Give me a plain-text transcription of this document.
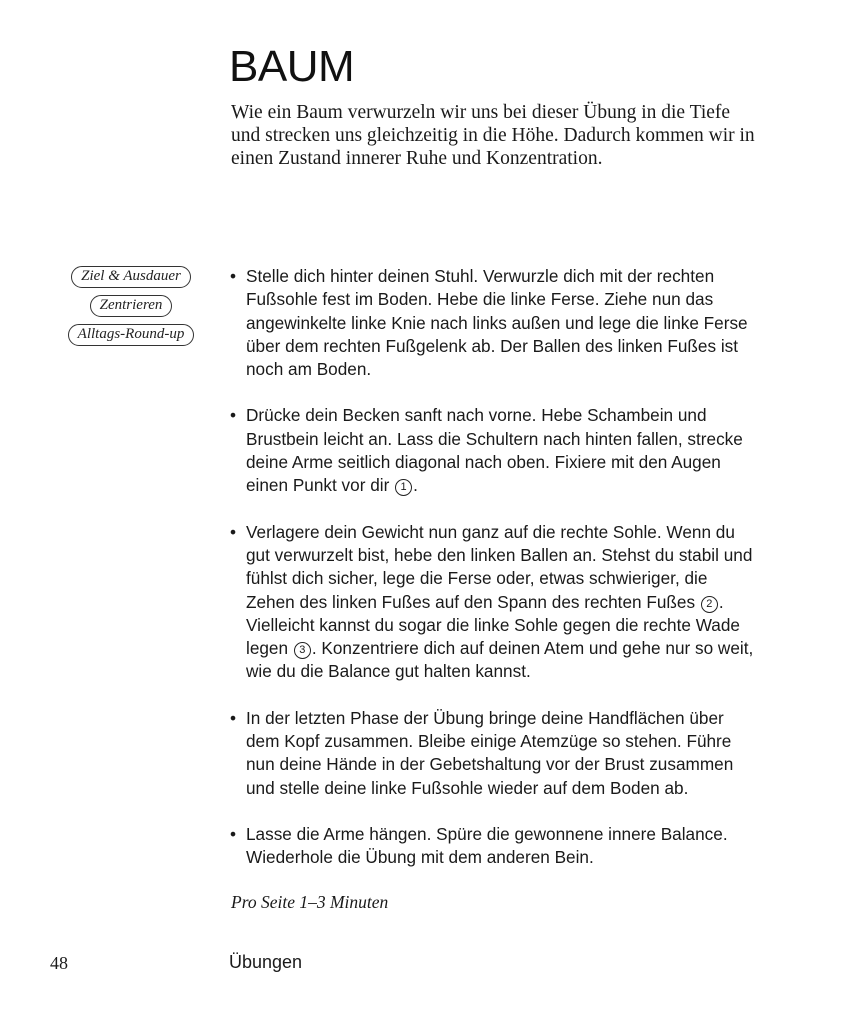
BAUM

Wie ein Baum verwurzeln wir uns bei dieser Übung in die Tiefe und strecken uns gleichzeitig in die Höhe. Dadurch kommen wir in einen Zustand innerer Ruhe und Konzentration.

Ziel & Ausdauer
Zentrieren
Alltags-Round-up
• Stelle dich hinter deinen Stuhl. Verwurzle dich mit der rechten Fußsohle fest im Boden. Hebe die linke Ferse. Ziehe nun das angewinkelte linke Knie nach links außen und lege die linke Ferse über dem rechten Fußgelenk ab. Der Ballen des linken Fußes ist noch am Boden.
• Drücke dein Becken sanft nach vorne. Hebe Schambein und Brustbein leicht an. Lass die Schultern nach hinten fallen, strecke deine Arme seitlich diagonal nach oben. Fixiere mit den Augen einen Punkt vor dir 1 .
• Verlagere dein Gewicht nun ganz auf die rechte Sohle. Wenn du gut verwurzelt bist, hebe den linken Ballen an. Stehst du stabil und fühlst dich sicher, lege die Ferse oder, etwas schwieriger, die Zehen des linken Fußes auf den Spann des rechten Fußes 2 . Vielleicht kannst du sogar die linke Sohle gegen die rechte Wade legen 3 . Konzentriere dich auf deinen Atem und gehe nur so weit, wie du die Balance gut halten kannst.
• In der letzten Phase der Übung bringe deine Handflächen über dem Kopf zusammen. Bleibe einige Atemzüge so stehen. Führe nun deine Hände in der Gebetshaltung vor der Brust zusammen und stelle deine linke Fußsohle wieder auf dem Boden ab.
• Lasse die Arme hängen. Spüre die gewonnene innere Balance. Wiederhole die Übung mit dem anderen Bein.

Pro Seite 1–3 Minuten

48	Übungen
